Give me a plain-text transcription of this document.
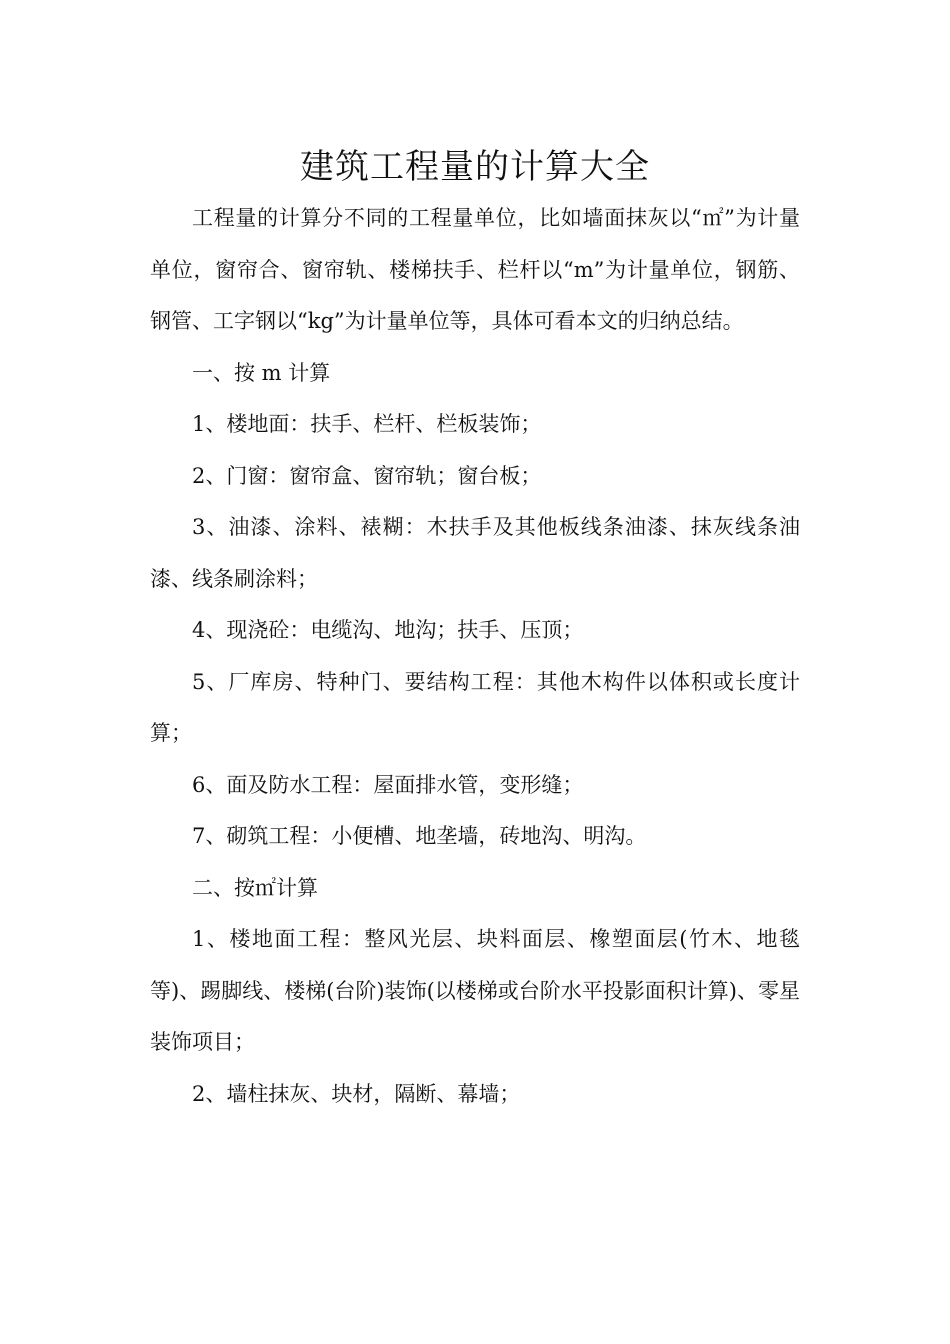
建筑工程量的计算大全

工程量的计算分不同的工程量单位，比如墙面抹灰以“㎡”为计量单位，窗帘合、窗帘轨、楼梯扶手、栏杆以“m”为计量单位，钢筋、钢管、工字钢以“kg”为计量单位等，具体可看本文的归纳总结。

一、按 m 计算

1、楼地面：扶手、栏杆、栏板装饰；

2、门窗：窗帘盒、窗帘轨；窗台板；

3、油漆、涂料、裱糊：木扶手及其他板线条油漆、抹灰线条油漆、线条刷涂料；

4、现浇砼：电缆沟、地沟；扶手、压顶；

5、厂库房、特种门、要结构工程：其他木构件以体积或长度计算；

6、面及防水工程：屋面排水管，变形缝；

7、砌筑工程：小便槽、地垄墙，砖地沟、明沟。

二、按㎡计算

1、楼地面工程：整风光层、块料面层、橡塑面层(竹木、地毯等)、踢脚线、楼梯(台阶)装饰(以楼梯或台阶水平投影面积计算)、零星装饰项目；

2、墙柱抹灰、块材，隔断、幕墙；
